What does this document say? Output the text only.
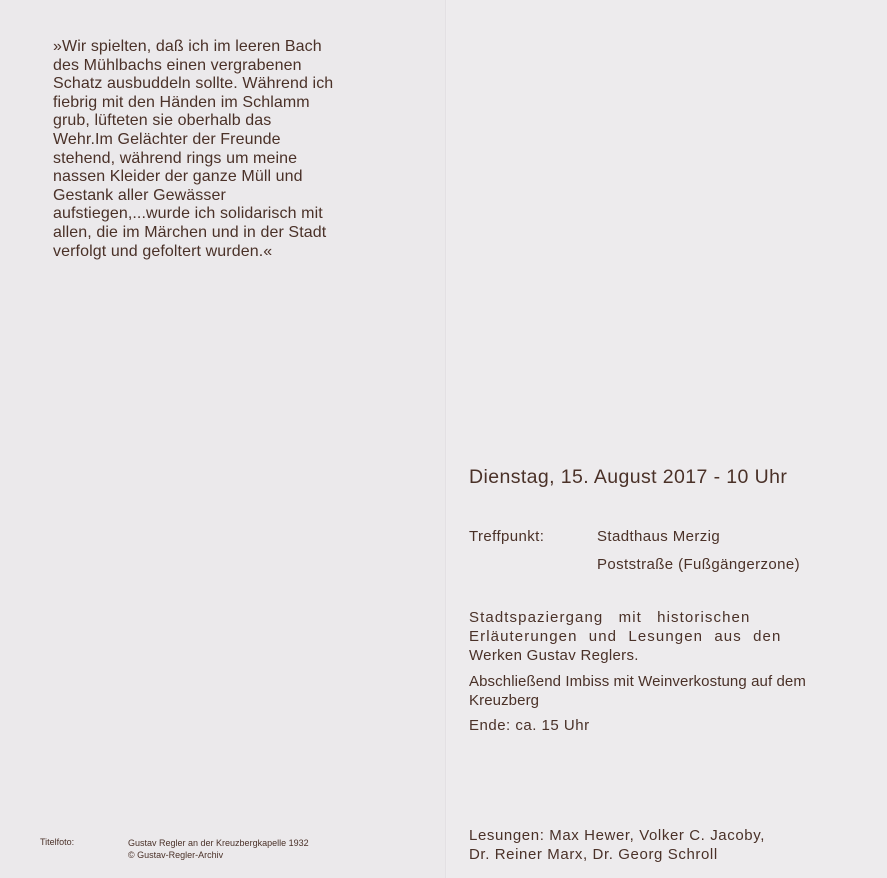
»Wir spielten, daß ich im leeren Bach
des Mühlbachs einen vergrabenen
Schatz ausbuddeln sollte. Während ich
fiebrig mit den Händen im Schlamm
grub, lüfteten sie oberhalb das
Wehr.Im Gelächter der Freunde
stehend, während rings um meine
nassen Kleider der ganze Müll und
Gestank aller Gewässer
aufstiegen,...wurde ich solidarisch mit
allen, die im Märchen und in der Stadt
verfolgt und gefoltert wurden.«

Titelfoto:	Gustav Regler an der Kreuzbergkapelle 1932
© Gustav-Regler-Archiv

Dienstag, 15. August 2017 - 10 Uhr

Treffpunkt:	Stadthaus Merzig

Poststraße (Fußgängerzone)

Stadtspaziergang mit historischen
Erläuterungen und Lesungen aus den
Werken Gustav Reglers.

Abschließend Imbiss mit Weinverkostung auf dem Kreuzberg

Ende: ca. 15 Uhr

Lesungen: Max Hewer, Volker C. Jacoby,
Dr. Reiner Marx, Dr. Georg Schroll
